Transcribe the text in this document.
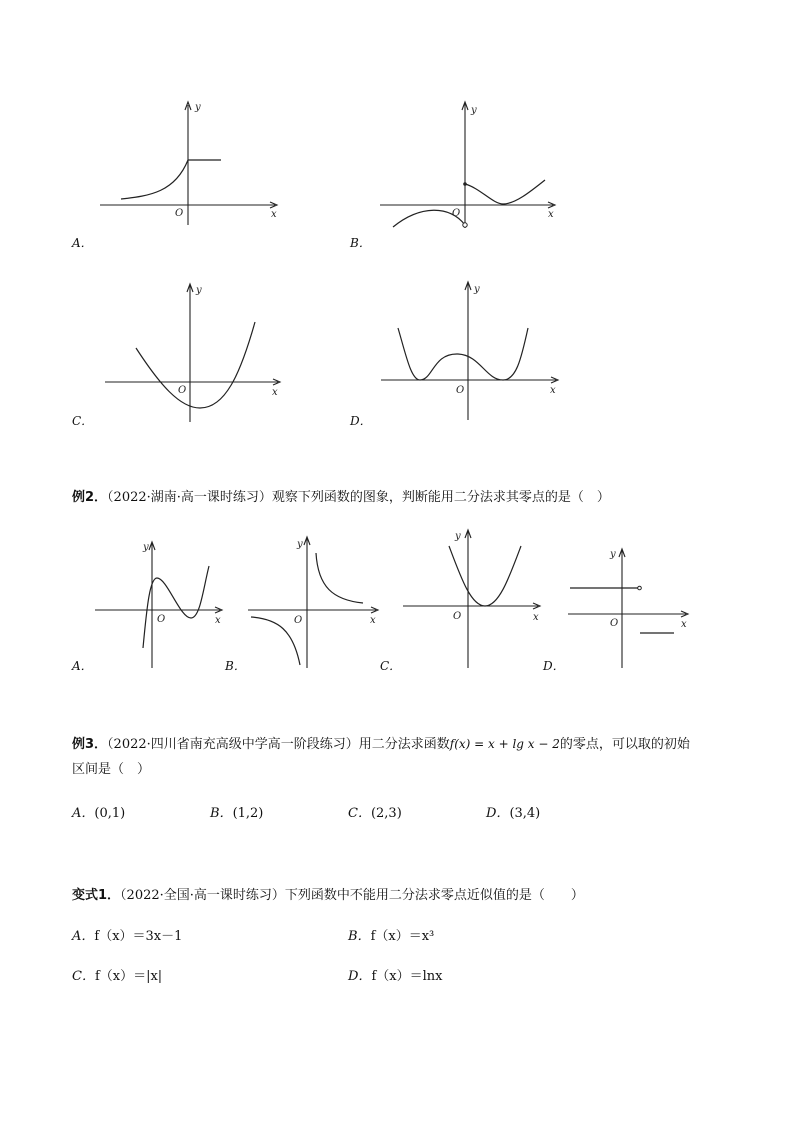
y
x
O
A．
y
x
O
B．
y
x
O
C．
y
x
O
D．
例2．（2022·湖南·高一课时练习）观察下列函数的图象，判断能用二分法求其零点的是（　）
y
x
O
A．
y
x
O
B．
y
x
O
C．
y
x
O
D．
例3．（2022·四川省南充高级中学高一阶段练习）用二分法求函数f(x) = x + lg x − 2的零点，可以取的初始
区间是（　）
A．(0,1)	B．(1,2)	C．(2,3)	D．(3,4)
变式1．（2022·全国·高一课时练习）下列函数中不能用二分法求零点近似值的是（　　）
A．f（x）＝3x－1	B．f（x）＝x³
C．f（x）＝|x|	D．f（x）＝lnx
